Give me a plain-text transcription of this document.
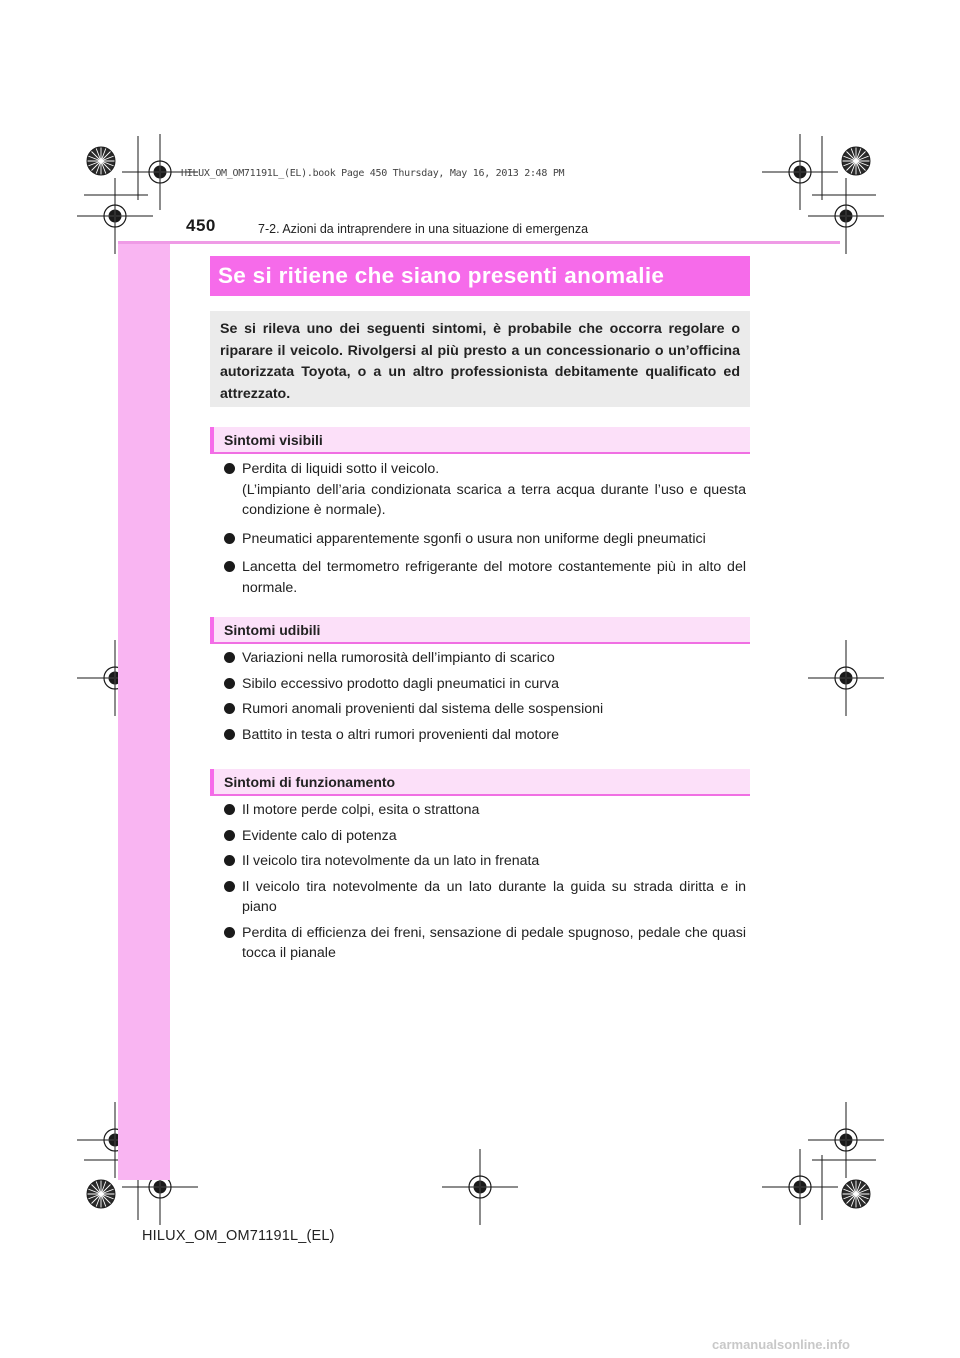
HILUX_OM_OM71191L_(EL).book Page 450 Thursday, May 16, 2013 2:48 PM
450	7-2. Azioni da intraprendere in una situazione di emergenza
Se si ritiene che siano presenti anomalie

Se si rileva uno dei seguenti sintomi, è probabile che occorra regolare o riparare il veicolo. Rivolgersi al più presto a un concessionario o un’officina autorizzata Toyota, o a un altro professionista debitamente qualificato ed attrezzato.

Sintomi visibili
Perdita di liquidi sotto il veicolo.
(L’impianto dell’aria condizionata scarica a terra acqua durante l’uso e questa condizione è normale).
Pneumatici apparentemente sgonfi o usura non uniforme degli pneumatici
Lancetta del termometro refrigerante del motore costantemente più in alto del normale.
Sintomi udibili
Variazioni nella rumorosità dell’impianto di scarico
Sibilo eccessivo prodotto dagli pneumatici in curva
Rumori anomali provenienti dal sistema delle sospensioni
Battito in testa o altri rumori provenienti dal motore
Sintomi di funzionamento
Il motore perde colpi, esita o strattona
Evidente calo di potenza
Il veicolo tira notevolmente da un lato in frenata
Il veicolo tira notevolmente da un lato durante la guida su strada diritta e in piano
Perdita di efficienza dei freni, sensazione di pedale spugnoso, pedale che quasi tocca il pianale
HILUX_OM_OM71191L_(EL)
carmanualsonline.info
